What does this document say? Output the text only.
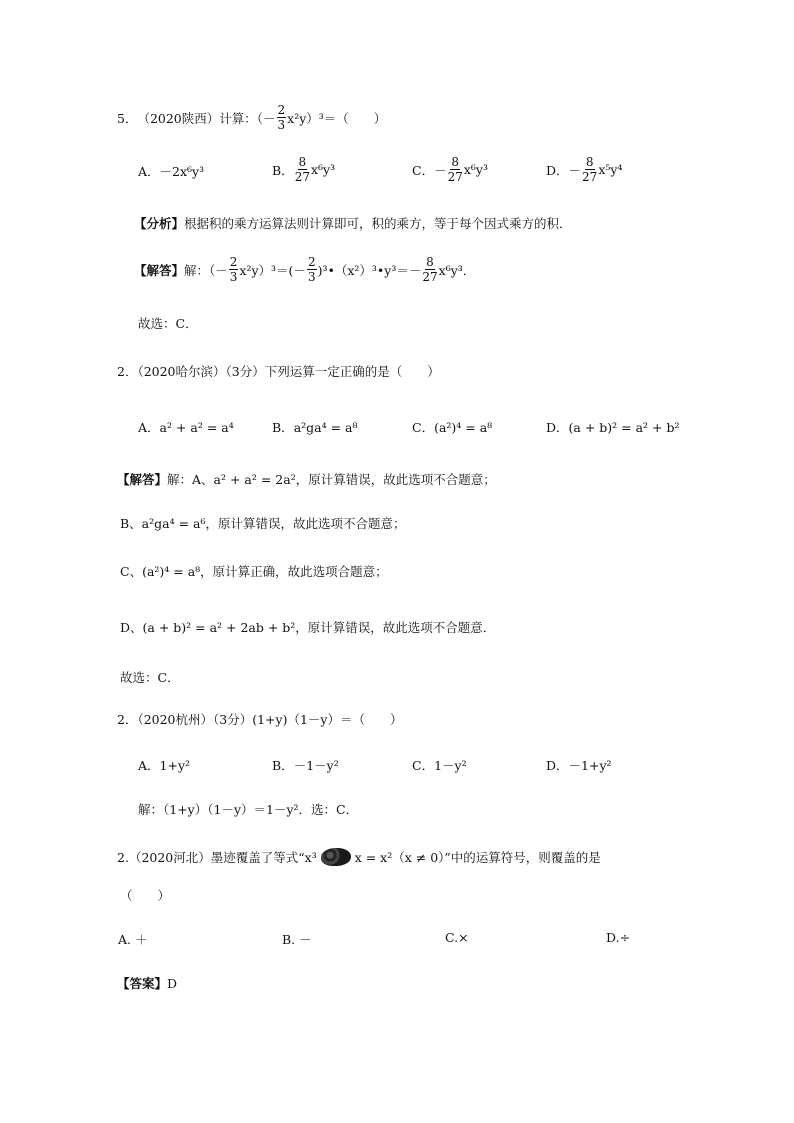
5． （2020陕西） 计算：（－ $\frac{2}{3} x^2y)^3=$（　　）
A． －2x⁶y³	B． $\frac{8}{27} x^6y^3$	C． － $\frac{8}{27} x^6y^3$	D． － $\frac{8}{27} x^5y^4$
【分析】根据积的乘方运算法则计算即可，积的乘方，等于每个因式乘方的积．
【解答】 解：（－ $\frac{2}{3} x^2y)^3=(- \frac{2}{3}$ )³•（x²）³•y³＝－ $\frac{8}{27} x^6y^3$．
故选：C．
2．（2020哈尔滨）（3分）下列运算一定正确的是（　　）
A． a² + a² = a⁴	B． a²ga⁴ = a⁸	C． (a²)⁴ = a⁸	D． (a + b)² = a² + b²
【解答】解：A、a² + a² = 2a²，原计算错误，故此选项不合题意；
B、a²ga⁴ = a⁶，原计算错误，故此选项不合题意；
C、(a²)⁴ = a⁸，原计算正确，故此选项合题意；
D、(a + b)² = a² + 2ab + b²，原计算错误，故此选项不合题意．
故选：C．
2．（2020杭州）（3分）(1+y)（1－y）＝（　　）
A． 1+y²	B． －1－y²	C． 1－y²	D． －1+y²
解：（1+y）（1－y）＝1－y²．选：C．
2. （2020河北） 墨迹覆盖了等式“x³	x = x²（x ≠ 0）”中的运算符号，则覆盖的是
（　　）
A.
＋	B.
－	C. ×	D. ÷
【答案】D
